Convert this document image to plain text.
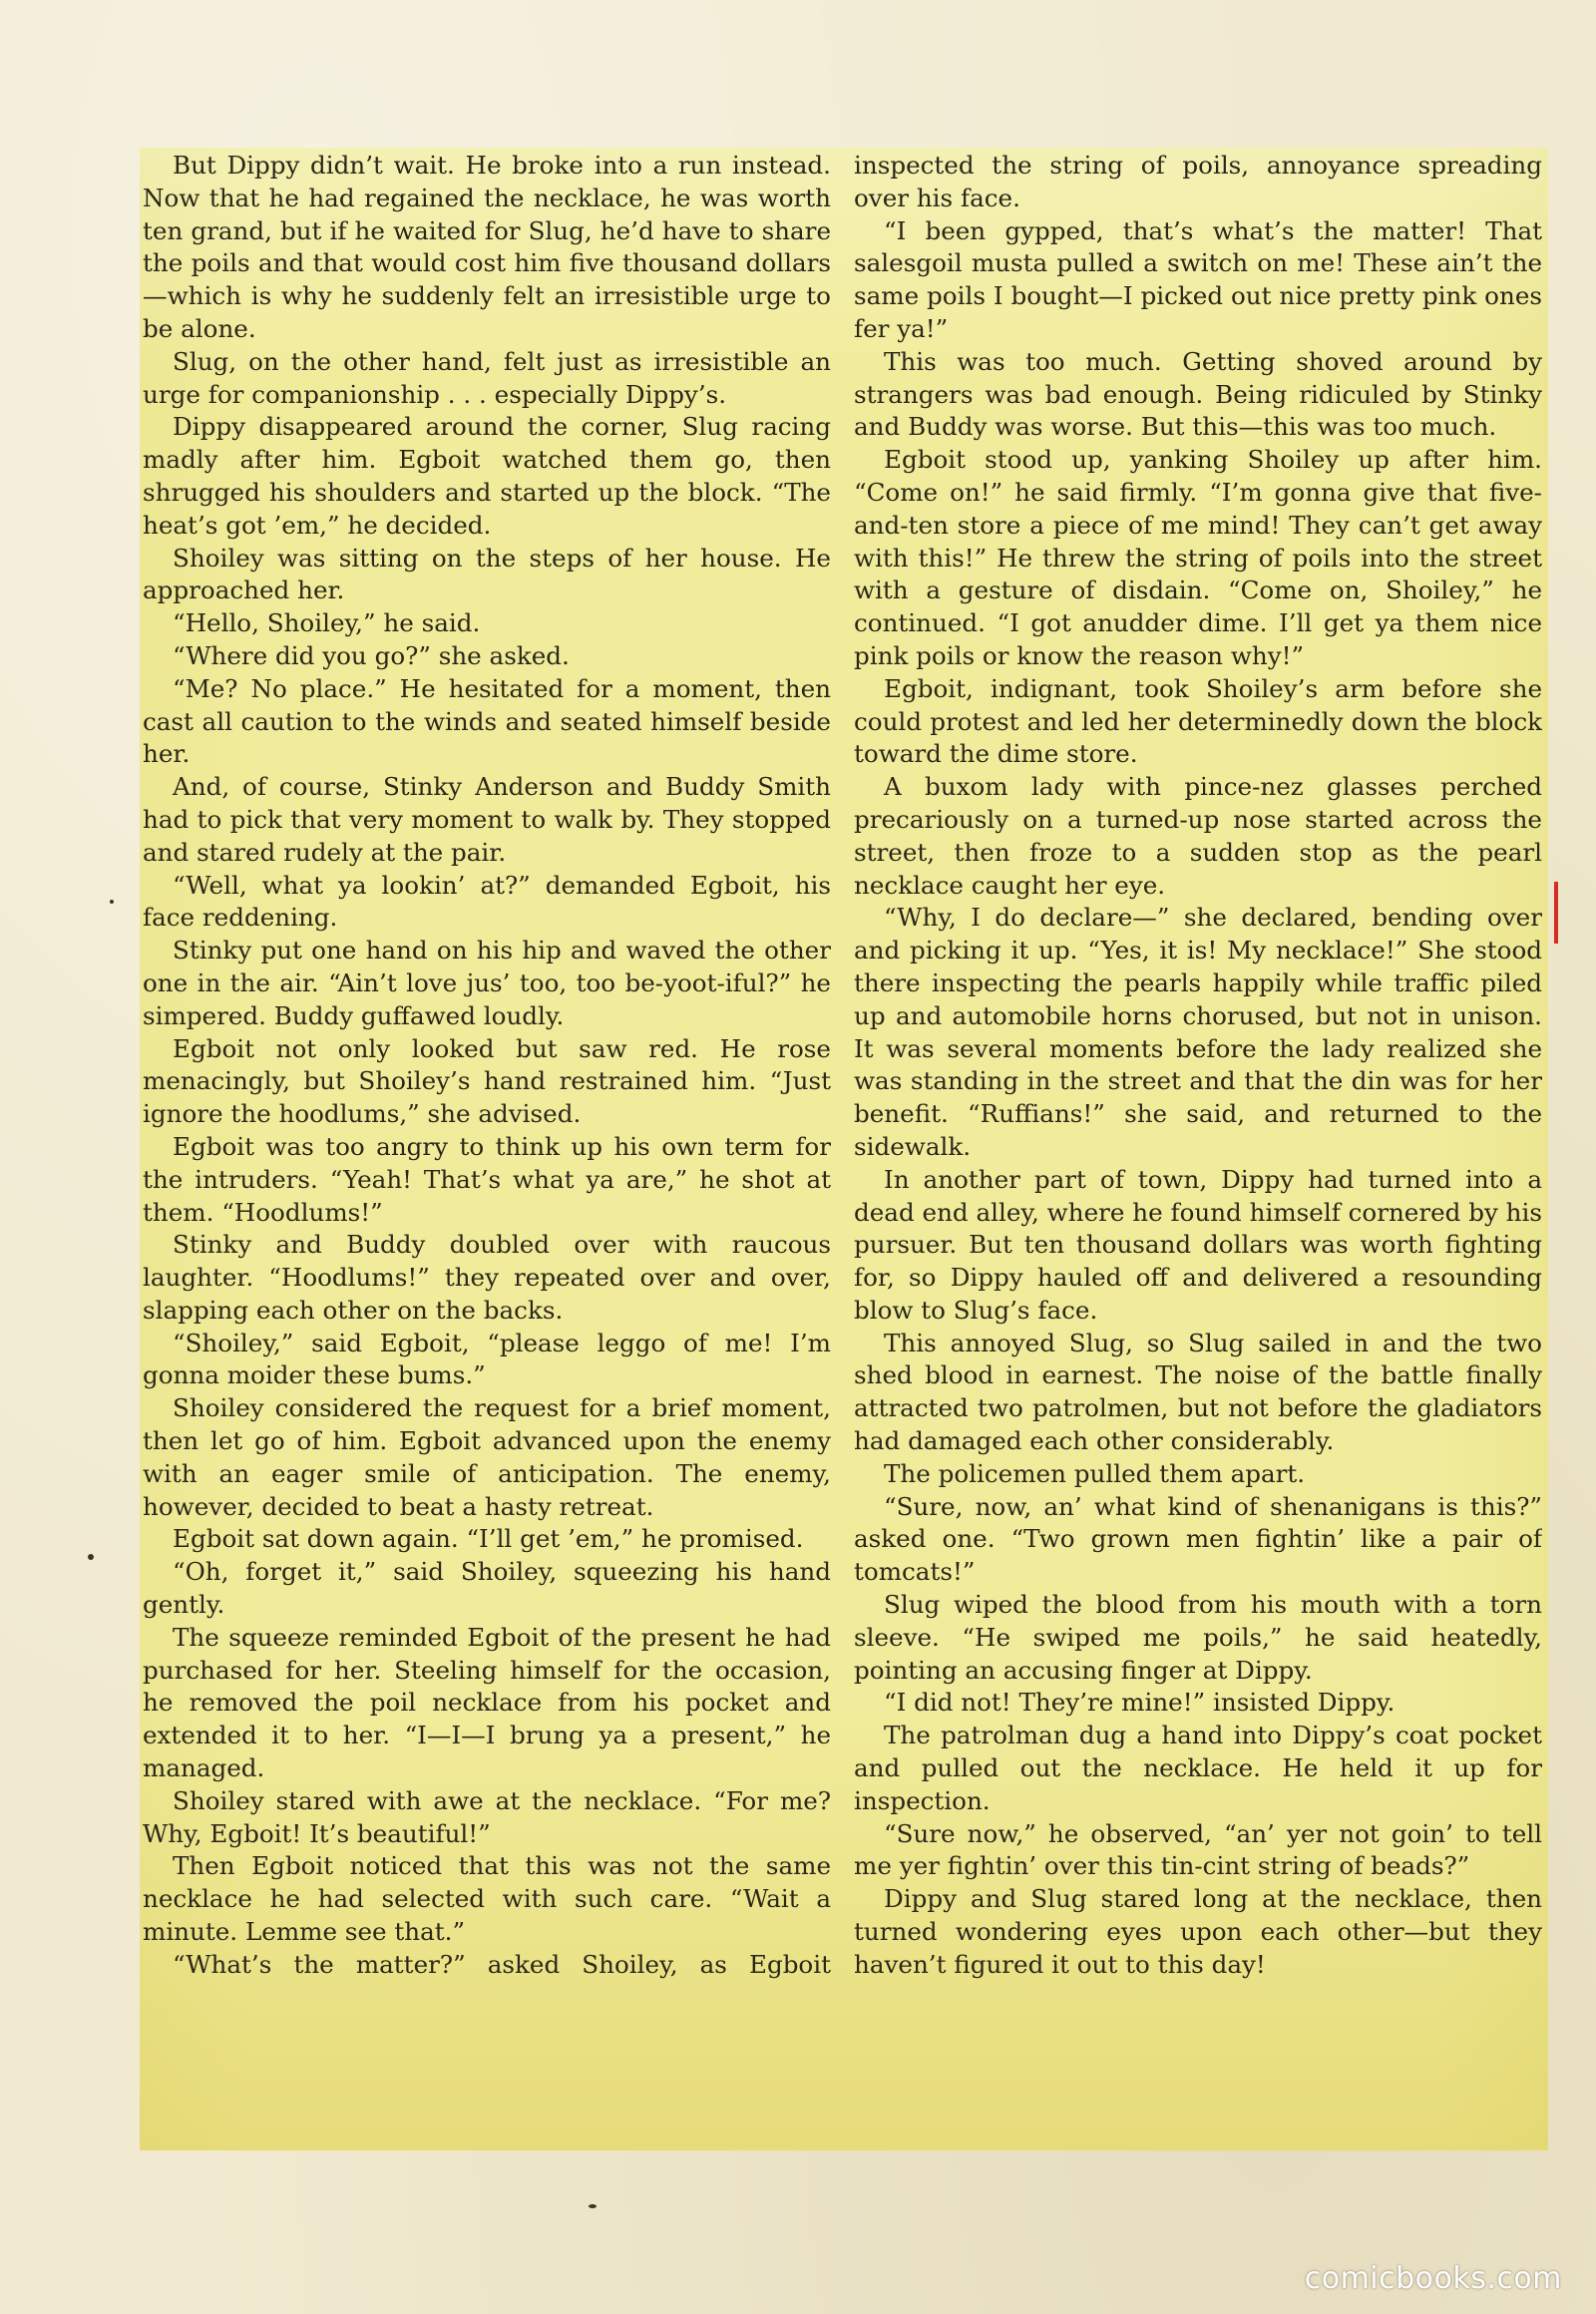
But Dippy didn’t wait. He broke into a run instead. Now that he had regained the necklace, he was worth ten grand, but if he waited for Slug, he’d have to share the poils and that would cost him five thousand dollars—which is why he suddenly felt an irresistible urge to be alone.

Slug, on the other hand, felt just as irresistible an urge for companionship . . . especially Dippy’s.

Dippy disappeared around the corner, Slug racing madly after him. Egboit watched them go, then shrugged his shoulders and started up the block. “The heat’s got ’em,” he decided.

Shoiley was sitting on the steps of her house. He approached her.

“Hello, Shoiley,” he said.

“Where did you go?” she asked.

“Me? No place.” He hesitated for a moment, then cast all caution to the winds and seated himself beside her.

And, of course, Stinky Anderson and Buddy Smith had to pick that very moment to walk by. They stopped and stared rudely at the pair.

“Well, what ya lookin’ at?” demanded Egboit, his face reddening.

Stinky put one hand on his hip and waved the other one in the air. “Ain’t love jus’ too, too be-yoot-iful?” he simpered. Buddy guffawed loudly.

Egboit not only looked but saw red. He rose menacingly, but Shoiley’s hand restrained him. “Just ignore the hoodlums,” she advised.

Egboit was too angry to think up his own term for the intruders. “Yeah! That’s what ya are,” he shot at them. “Hoodlums!”

Stinky and Buddy doubled over with raucous laughter. “Hoodlums!” they repeated over and over, slapping each other on the backs.

“Shoiley,” said Egboit, “please leggo of me! I’m gonna moider these bums.”

Shoiley considered the request for a brief moment, then let go of him. Egboit advanced upon the enemy with an eager smile of anticipation. The enemy, however, decided to beat a hasty retreat.

Egboit sat down again. “I’ll get ’em,” he promised.

“Oh, forget it,” said Shoiley, squeezing his hand gently.

The squeeze reminded Egboit of the present he had purchased for her. Steeling himself for the occasion, he removed the poil necklace from his pocket and extended it to her. “I—I—I brung ya a present,” he managed.

Shoiley stared with awe at the necklace. “For me? Why, Egboit! It’s beautiful!”

Then Egboit noticed that this was not the same necklace he had selected with such care. “Wait a minute. Lemme see that.”

“What’s the matter?” asked Shoiley, as Egboit

inspected the string of poils, annoyance spreading over his face.

“I been gypped, that’s what’s the matter! That salesgoil musta pulled a switch on me! These ain’t the same poils I bought—I picked out nice pretty pink ones fer ya!”

This was too much. Getting shoved around by strangers was bad enough. Being ridiculed by Stinky and Buddy was worse. But this—this was too much.

Egboit stood up, yanking Shoiley up after him. “Come on!” he said firmly. “I’m gonna give that five-and-ten store a piece of me mind! They can’t get away with this!” He threw the string of poils into the street with a gesture of disdain. “Come on, Shoiley,” he continued. “I got anudder dime. I’ll get ya them nice pink poils or know the reason why!”

Egboit, indignant, took Shoiley’s arm before she could protest and led her determinedly down the block toward the dime store.

A buxom lady with pince-nez glasses perched precariously on a turned-up nose started across the street, then froze to a sudden stop as the pearl necklace caught her eye.

“Why, I do declare—” she declared, bending over and picking it up. “Yes, it is! My necklace!” She stood there inspecting the pearls happily while traffic piled up and automobile horns chorused, but not in unison. It was several moments before the lady realized she was standing in the street and that the din was for her benefit. “Ruffians!” she said, and returned to the sidewalk.

In another part of town, Dippy had turned into a dead end alley, where he found himself cornered by his pursuer. But ten thousand dollars was worth fighting for, so Dippy hauled off and delivered a resounding blow to Slug’s face.

This annoyed Slug, so Slug sailed in and the two shed blood in earnest. The noise of the battle finally attracted two patrolmen, but not before the gladiators had damaged each other considerably.

The policemen pulled them apart.

“Sure, now, an’ what kind of shenanigans is this?” asked one. “Two grown men fightin’ like a pair of tomcats!”

Slug wiped the blood from his mouth with a torn sleeve. “He swiped me poils,” he said heatedly, pointing an accusing finger at Dippy.

“I did not! They’re mine!” insisted Dippy.

The patrolman dug a hand into Dippy’s coat pocket and pulled out the necklace. He held it up for inspection.

“Sure now,” he observed, “an’ yer not goin’ to tell me yer fightin’ over this tin-cint string of beads?”

Dippy and Slug stared long at the necklace, then turned wondering eyes upon each other—but they haven’t figured it out to this day!

comicbooks.com
